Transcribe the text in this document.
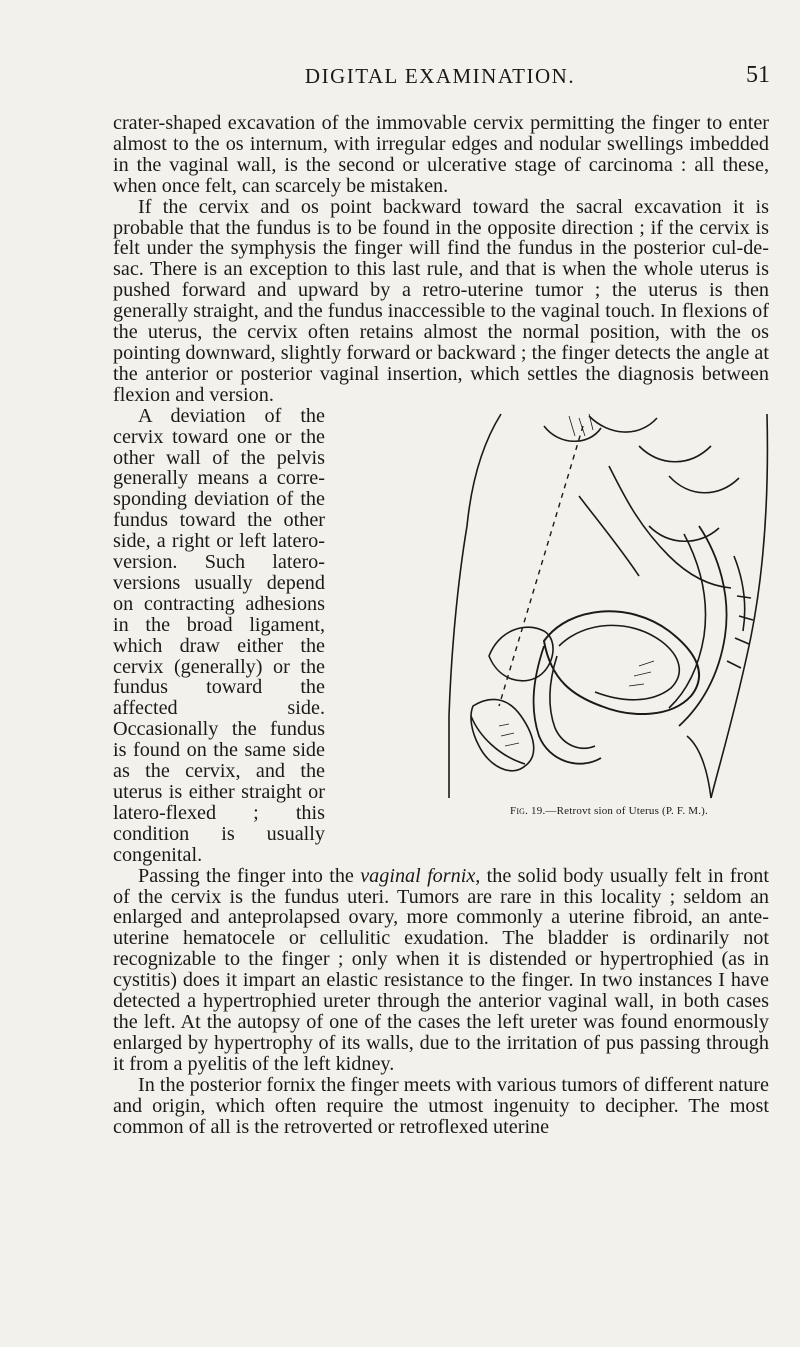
DIGITAL EXAMINATION.	51

crater-shaped excavation of the immovable cervix permitting the finger to enter almost to the os internum, with irregular edges and nodular swellings imbedded in the vaginal wall, is the second or ulcerative stage of carcinoma : all these, when once felt, can scarcely be mistaken.

If the cervix and os point backward toward the sacral excavation it is probable that the fundus is to be found in the opposite direction ; if the cervix is felt under the symphysis the finger will find the fundus in the posterior cul-de-sac. There is an exception to this last rule, and that is when the whole uterus is pushed forward and upward by a retro-uterine tumor ; the uterus is then generally straight, and the fundus inaccessible to the vaginal touch. In flexions of the uterus, the cervix often retains almost the normal position, with the os pointing downward, slightly forward or backward ; the finger detects the angle at the anterior or posterior vaginal insertion, which settles the diagnosis between flexion and version.

Fig. 19.—Retrovt sion of Uterus (P. F. M.).
A deviation of the cervix toward one or the other wall of the pelvis generally means a corresponding deviation of the fundus toward the other side, a right or left latero-version. Such lateroversions usually depend on contracting adhesions in the broad ligament, which draw either the cervix (generally) or the fundus toward the affected side. Occasionally the fundus is found on the same side as the cervix, and the uterus is either straight or latero-flexed ; this condition is usually congenital.

Passing the finger into the vaginal fornix, the solid body usually felt in front of the cervix is the fundus uteri. Tumors are rare in this locality ; seldom an enlarged and anteprolapsed ovary, more commonly a uterine fibroid, an ante-uterine hematocele or cellulitic exudation. The bladder is ordinarily not recognizable to the finger ; only when it is distended or hypertrophied (as in cystitis) does it impart an elastic resistance to the finger. In two instances I have detected a hypertrophied ureter through the anterior vaginal wall, in both cases the left. At the autopsy of one of the cases the left ureter was found enormously enlarged by hypertrophy of its walls, due to the irritation of pus passing through it from a pyelitis of the left kidney.

In the posterior fornix the finger meets with various tumors of different nature and origin, which often require the utmost ingenuity to decipher. The most common of all is the retroverted or retroflexed uterine
